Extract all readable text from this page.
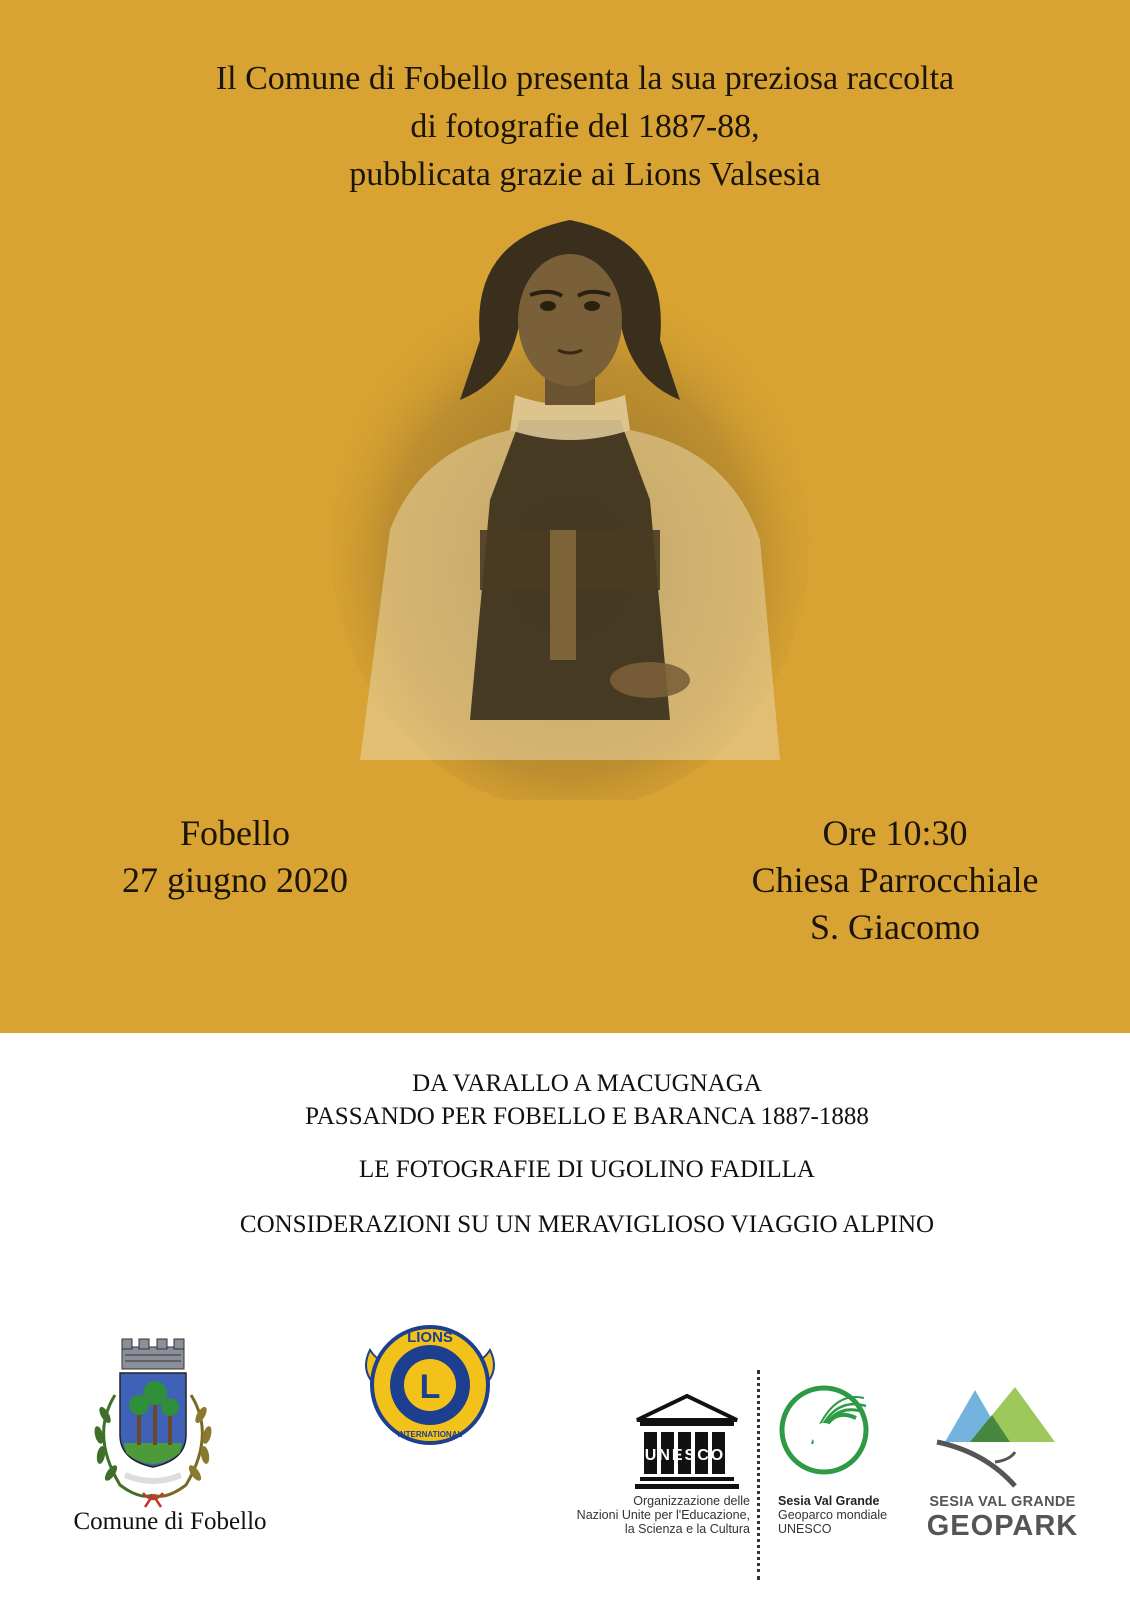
Il Comune di Fobello presenta la sua preziosa raccolta
di fotografie del 1887-88,
pubblicata grazie ai Lions Valsesia
Fobello
27 giugno 2020
Ore 10:30
Chiesa Parrocchiale
S. Giacomo
DA VARALLO A MACUGNAGA
PASSANDO PER FOBELLO E BARANCA 1887-1888
LE FOTOGRAFIE DI UGOLINO FADILLA
CONSIDERAZIONI SU UN MERAVIGLIOSO VIAGGIO ALPINO
Comune di Fobello
L
LIONS
INTERNATIONAL
UNESCO
Organizzazione delle
Nazioni Unite per l'Educazione,
la Scienza e la Cultura
Sesia Val Grande
Geoparco mondiale
UNESCO
SESIA VAL GRANDE
GEOPARK
